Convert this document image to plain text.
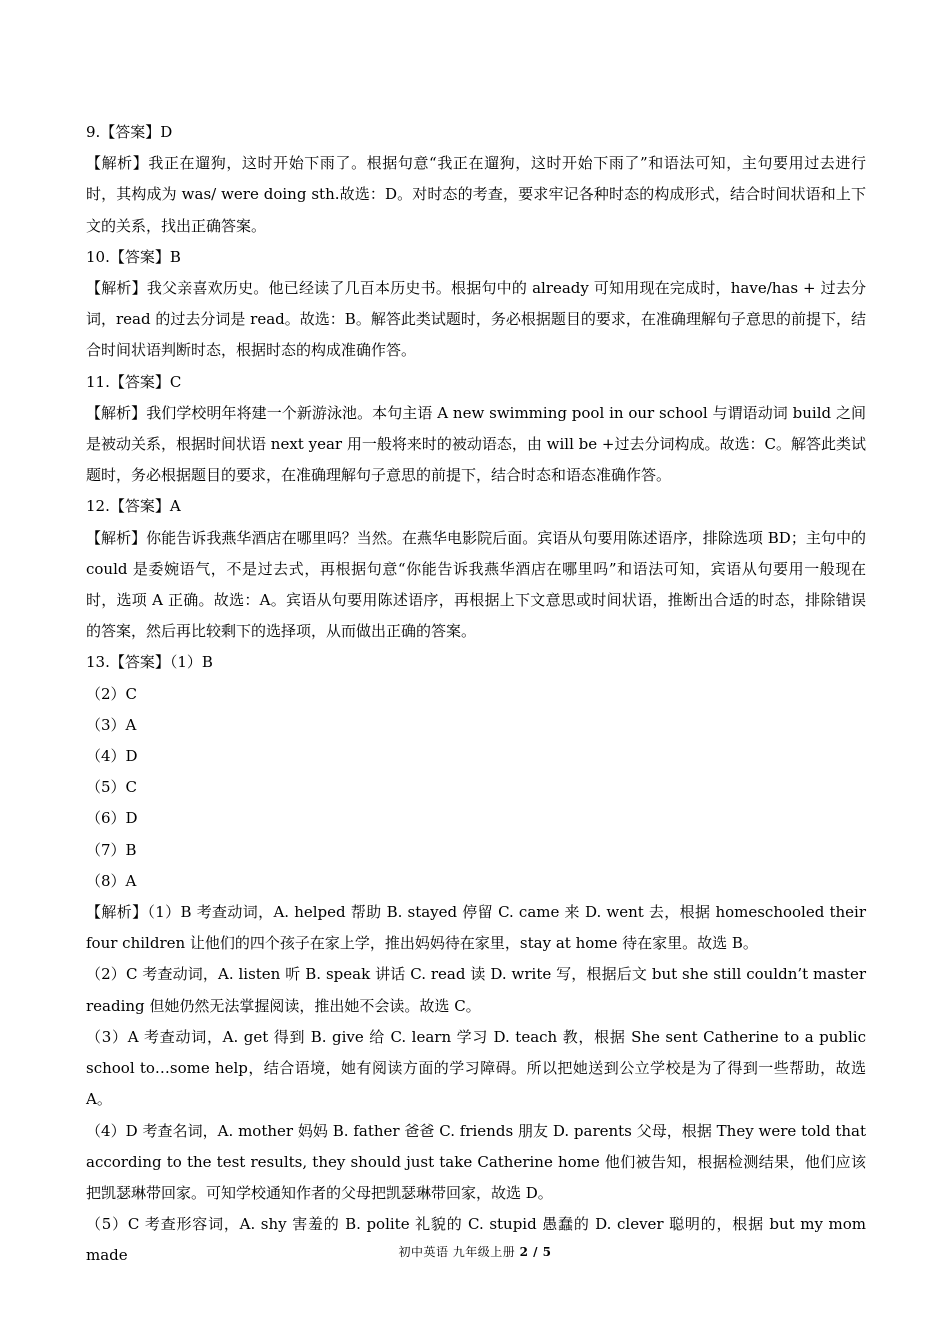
9.【答案】D

【解析】我正在遛狗，这时开始下雨了。根据句意“我正在遛狗，这时开始下雨了”和语法可知，主句要用过去进行时，其构成为 was/ were doing sth.故选：D。对时态的考查，要求牢记各种时态的构成形式，结合时间状语和上下文的关系，找出正确答案。

10.【答案】B

【解析】我父亲喜欢历史。他已经读了几百本历史书。根据句中的 already 可知用现在完成时，have/has + 过去分词，read 的过去分词是 read。故选：B。解答此类试题时，务必根据题目的要求，在准确理解句子意思的前提下，结合时间状语判断时态，根据时态的构成准确作答。

11.【答案】C

【解析】我们学校明年将建一个新游泳池。本句主语 A new swimming pool in our school 与谓语动词 build 之间是被动关系，根据时间状语 next year 用一般将来时的被动语态，由 will be +过去分词构成。故选：C。解答此类试题时，务必根据题目的要求，在准确理解句子意思的前提下，结合时态和语态准确作答。

12.【答案】A

【解析】你能告诉我燕华酒店在哪里吗？当然。在燕华电影院后面。宾语从句要用陈述语序，排除选项 BD；主句中的 could 是委婉语气，不是过去式，再根据句意“你能告诉我燕华酒店在哪里吗”和语法可知，宾语从句要用一般现在时，选项 A 正确。故选：A。宾语从句要用陈述语序，再根据上下文意思或时间状语，推断出合适的时态，排除错误的答案，然后再比较剩下的选择项，从而做出正确的答案。

13.【答案】（1）B

（2）C

（3）A

（4）D

（5）C

（6）D

（7）B

（8）A

【解析】（1）B 考查动词，A. helped 帮助 B. stayed 停留 C. came 来 D. went 去，根据 homeschooled their four children 让他们的四个孩子在家上学，推出妈妈待在家里，stay at home 待在家里。故选 B。

（2）C 考查动词，A. listen 听 B. speak 讲话 C. read 读 D. write 写，根据后文 but she still couldn’t master reading 但她仍然无法掌握阅读，推出她不会读。故选 C。

（3）A 考查动词，A. get 得到 B. give 给 C. learn 学习 D. teach 教，根据 She sent Catherine to a public school to…some help，结合语境，她有阅读方面的学习障碍。所以把她送到公立学校是为了得到一些帮助，故选 A。

（4）D 考查名词，A. mother 妈妈 B. father 爸爸 C. friends 朋友 D. parents 父母，根据 They were told that according to the test results, they should just take Catherine home 他们被告知，根据检测结果，他们应该把凯瑟琳带回家。可知学校通知作者的父母把凯瑟琳带回家，故选 D。

（5）C 考查形容词，A. shy 害羞的 B. polite 礼貌的 C. stupid 愚蠢的 D. clever 聪明的，根据 but my mom made	初中英语 九年级上册 2 / 5
